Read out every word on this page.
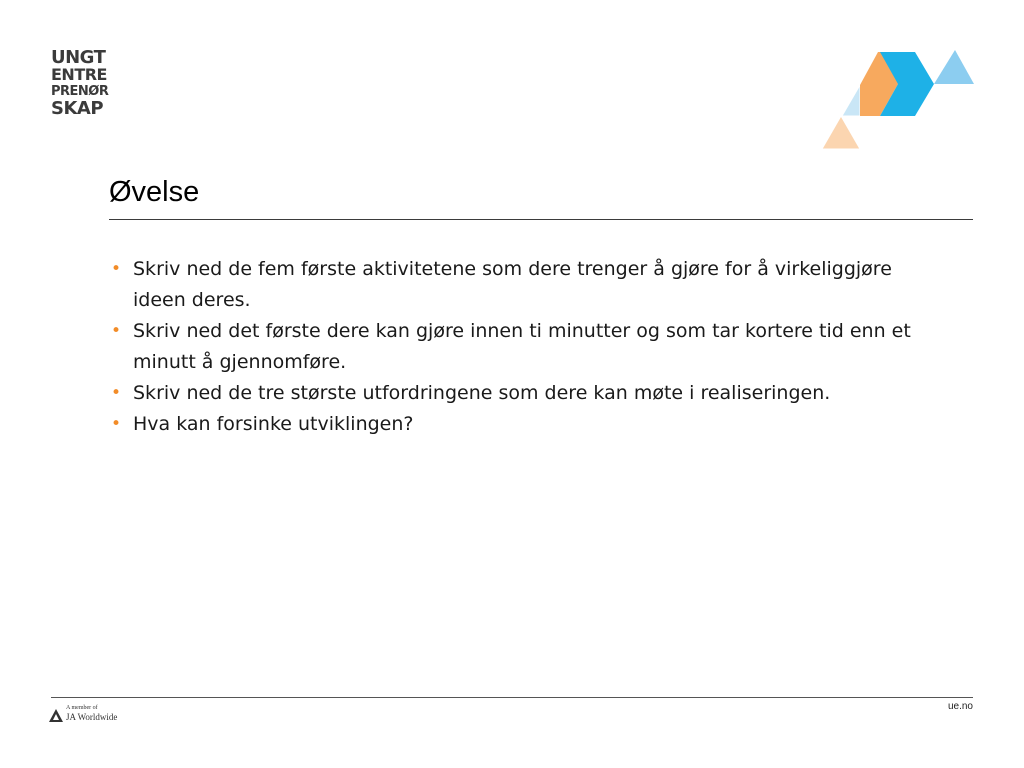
UNGT
ENTRE
PRENØR
SKAP
Øvelse
• Skriv ned de fem første aktivitetene som dere trenger å gjøre for å virkeliggjøre ideen deres.
• Skriv ned det første dere kan gjøre innen ti minutter og som tar kortere tid enn et minutt å gjennomføre.
• Skriv ned de tre største utfordringene som dere kan møte i realiseringen.
• Hva kan forsinke utviklingen?
A member of
JA Worldwide
ue.no
